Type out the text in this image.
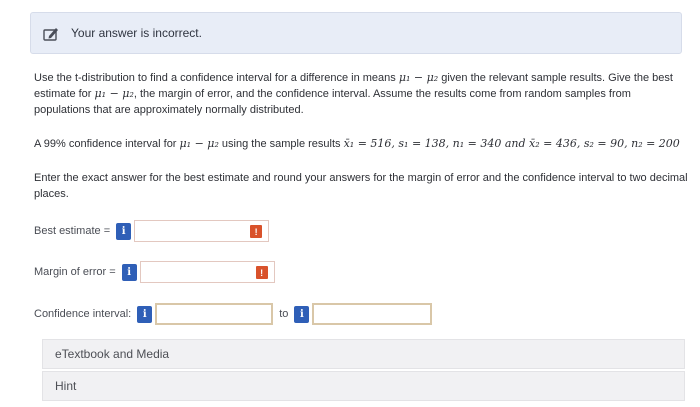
Your answer is incorrect.
Use the t-distribution to find a confidence interval for a difference in means μ₁ − μ₂ given the relevant sample results. Give the best estimate for μ₁ − μ₂, the margin of error, and the confidence interval. Assume the results come from random samples from populations that are approximately normally distributed.
A 99% confidence interval for μ₁ − μ₂ using the sample results x̄₁ = 516, s₁ = 138, n₁ = 340 and x̄₂ = 436, s₂ = 90, n₂ = 200
Enter the exact answer for the best estimate and round your answers for the margin of error and the confidence interval to two decimal places.
Best estimate =	i	!
Margin of error =	i	!
Confidence interval:	i	to	i
eTextbook and Media
Hint
